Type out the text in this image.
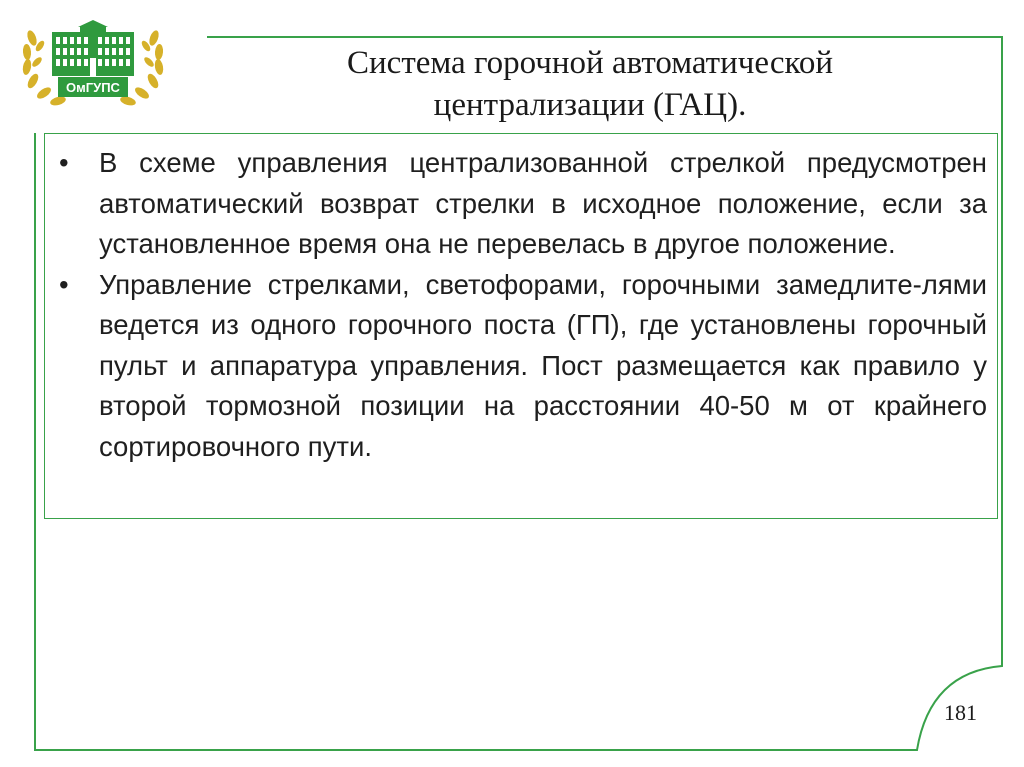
ОмГУПС
Система горочной автоматической
централизации (ГАЦ).
• В схеме управления централизованной стрелкой предусмотрен автоматический возврат стрелки в исходное положение, если за установленное время она не перевелась в другое положение.
• Управление стрелками, светофорами, горочными замедлите-лями ведется из одного горочного поста (ГП), где установлены горочный пульт и аппаратура управления. Пост размещается как правило у второй тормозной позиции на расстоянии 40-50 м от крайнего сортировочного пути.
181
